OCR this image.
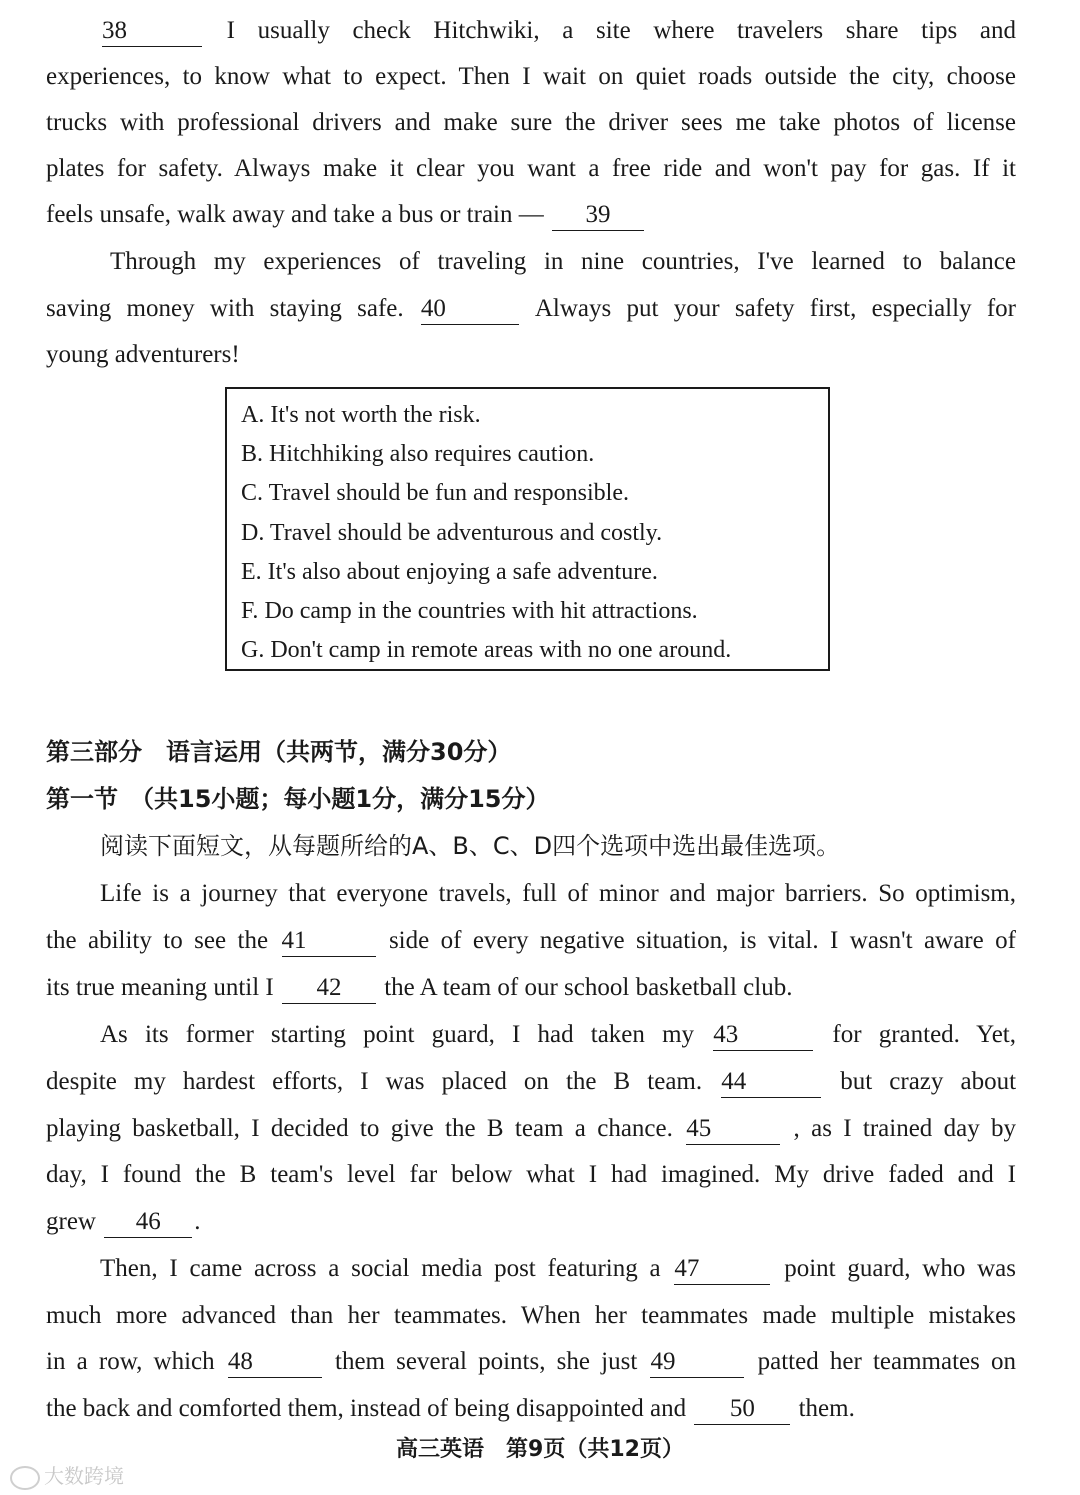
38	I usually check Hitchwiki, a site where travelers share tips and
experiences, to know what to expect. Then I wait on quiet roads outside the city, choose
trucks with professional drivers and make sure the driver sees me take photos of license
plates for safety. Always make it clear you want a free ride and won't pay for gas. If it
feels unsafe, walk away and take a bus or train — 39
Through my experiences of traveling in nine countries, I've learned to balance
saving money with staying safe. 40	Always put your safety first, especially for
young adventurers!
A. It's not worth the risk.
B. Hitchhiking also requires caution.
C. Travel should be fun and responsible.
D. Travel should be adventurous and costly.
E. It's also about enjoying a safe adventure.
F. Do camp in the countries with hit attractions.
G. Don't camp in remote areas with no one around.
第三部分　语言运用（共两节，满分30分）
第一节　（共15小题；每小题1分，满分15分）
阅读下面短文，从每题所给的A、B、C、D四个选项中选出最佳选项。
Life is a journey that everyone travels, full of minor and major barriers. So optimism,
the ability to see the 41	side of every negative situation, is vital. I wasn't aware of
its true meaning until I 42 the A team of our school basketball club.
As its former starting point guard, I had taken my 43	for granted. Yet,
despite my hardest efforts, I was placed on the B team. 44	but crazy about
playing basketball, I decided to give the B team a chance. 45	, as I trained day by
day, I found the B team's level far below what I had imagined. My drive faded and I
grew 46 .
Then, I came across a social media post featuring a 47	point guard, who was
much more advanced than her teammates. When her teammates made multiple mistakes
in a row, which 48	them several points, she just 49	patted her teammates on
the back and comforted them, instead of being disappointed and 50 them.
高三英语　第9页（共12页）
大数跨境
